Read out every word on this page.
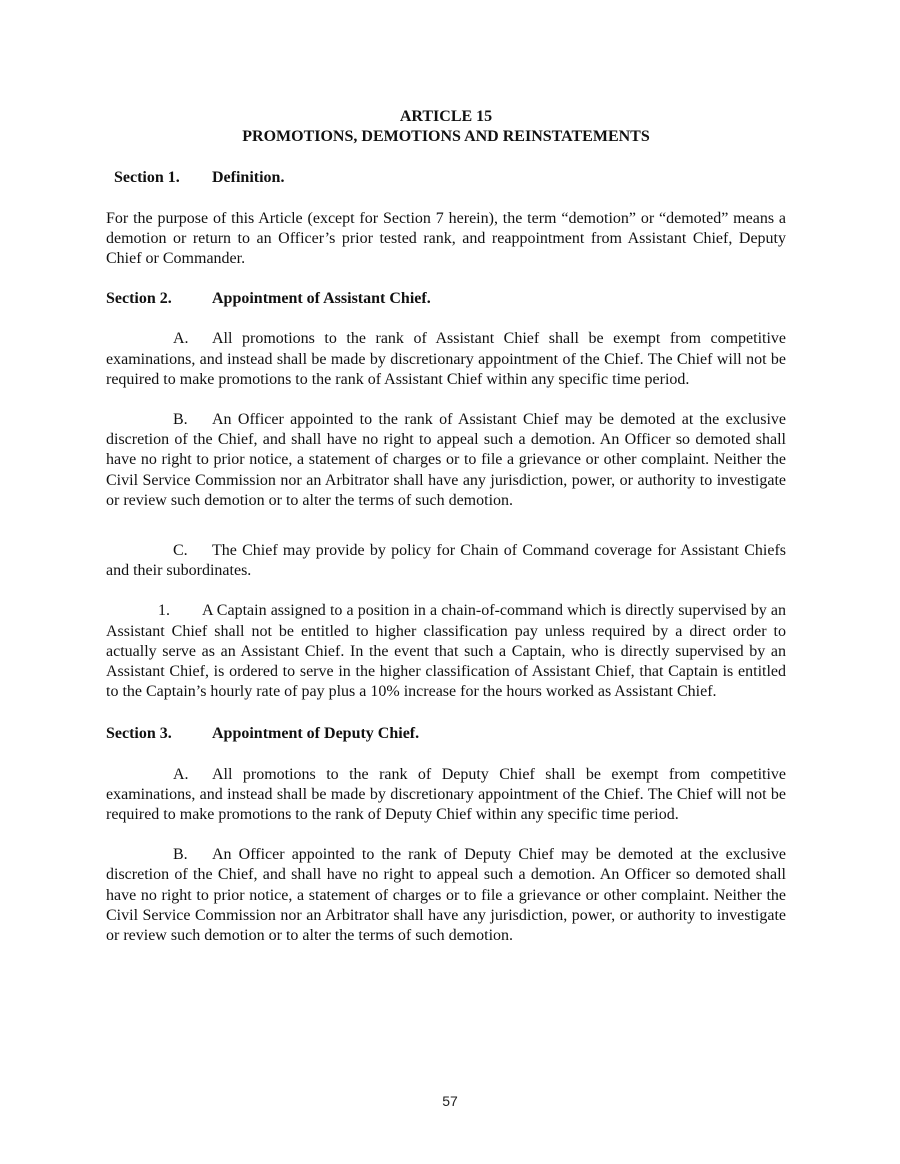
ARTICLE 15

PROMOTIONS, DEMOTIONS AND REINSTATEMENTS

Section 1.	Definition.

For the purpose of this Article (except for Section 7 herein), the term “demotion” or “demoted” means a demotion or return to an Officer’s prior tested rank, and reappointment from Assistant Chief, Deputy Chief or Commander.

Section 2.	Appointment of Assistant Chief.

A. All promotions to the rank of Assistant Chief shall be exempt from competitive examinations, and instead shall be made by discretionary appointment of the Chief. The Chief will not be required to make promotions to the rank of Assistant Chief within any specific time period.

B. An Officer appointed to the rank of Assistant Chief may be demoted at the exclusive discretion of the Chief, and shall have no right to appeal such a demotion. An Officer so demoted shall have no right to prior notice, a statement of charges or to file a grievance or other complaint. Neither the Civil Service Commission nor an Arbitrator shall have any jurisdiction, power, or authority to investigate or review such demotion or to alter the terms of such demotion.

C. The Chief may provide by policy for Chain of Command coverage for Assistant Chiefs and their subordinates.

1. A Captain assigned to a position in a chain-of-command which is directly supervised by an Assistant Chief shall not be entitled to higher classification pay unless required by a direct order to actually serve as an Assistant Chief. In the event that such a Captain, who is directly supervised by an Assistant Chief, is ordered to serve in the higher classification of Assistant Chief, that Captain is entitled to the Captain’s hourly rate of pay plus a 10% increase for the hours worked as Assistant Chief.

Section 3.	Appointment of Deputy Chief.

A. All promotions to the rank of Deputy Chief shall be exempt from competitive examinations, and instead shall be made by discretionary appointment of the Chief. The Chief will not be required to make promotions to the rank of Deputy Chief within any specific time period.

B. An Officer appointed to the rank of Deputy Chief may be demoted at the exclusive discretion of the Chief, and shall have no right to appeal such a demotion. An Officer so demoted shall have no right to prior notice, a statement of charges or to file a grievance or other complaint. Neither the Civil Service Commission nor an Arbitrator shall have any jurisdiction, power, or authority to investigate or review such demotion or to alter the terms of such demotion.

57
